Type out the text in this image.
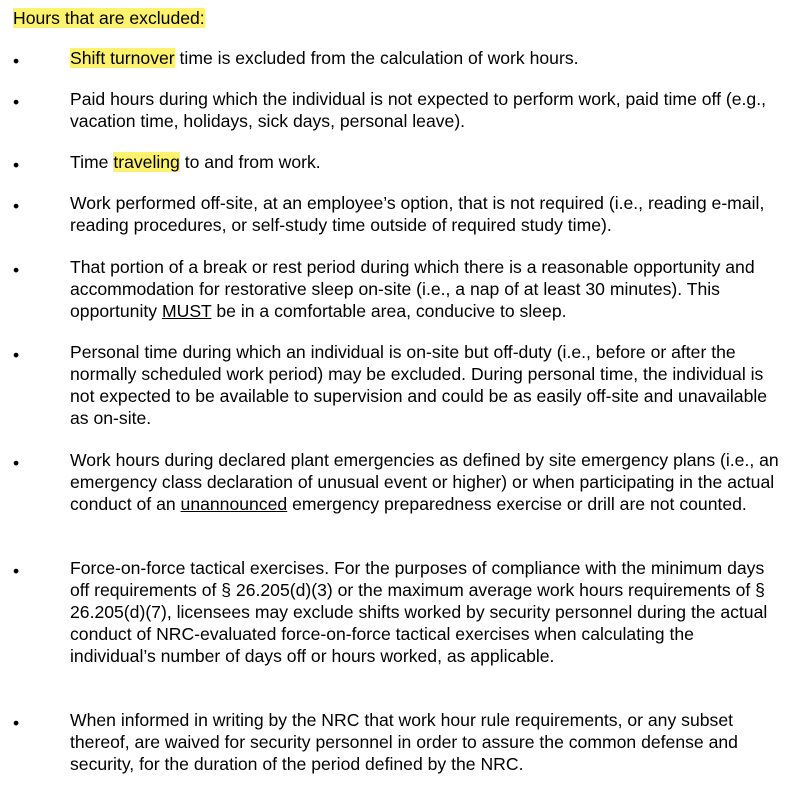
Hours that are excluded:
•	Shift turnover time is excluded from the calculation of work hours.

•	Paid hours during which the individual is not expected to perform work, paid time off (e.g., vacation time, holidays, sick days, personal leave).

•	Time traveling to and from work.

•	Work performed off-site, at an employee’s option, that is not required (i.e., reading e-mail, reading procedures, or self-study time outside of required study time).

•	That portion of a break or rest period during which there is a reasonable opportunity and accommodation for restorative sleep on-site (i.e., a nap of at least 30 minutes). This opportunity MUST be in a comfortable area, conducive to sleep.

•	Personal time during which an individual is on-site but off-duty (i.e., before or after the normally scheduled work period) may be excluded. During personal time, the individual is not expected to be available to supervision and could be as easily off-site and unavailable as on-site.

•	Work hours during declared plant emergencies as defined by site emergency plans (i.e., an emergency class declaration of unusual event or higher) or when participating in the actual conduct of an unannounced emergency preparedness exercise or drill are not counted.

•	Force-on-force tactical exercises. For the purposes of compliance with the minimum days off requirements of § 26.205(d)(3) or the maximum average work hours requirements of § 26.205(d)(7), licensees may exclude shifts worked by security personnel during the actual conduct of NRC-evaluated force-on-force tactical exercises when calculating the individual’s number of days off or hours worked, as applicable.

•	When informed in writing by the NRC that work hour rule requirements, or any subset thereof, are waived for security personnel in order to assure the common defense and security, for the duration of the period defined by the NRC.
